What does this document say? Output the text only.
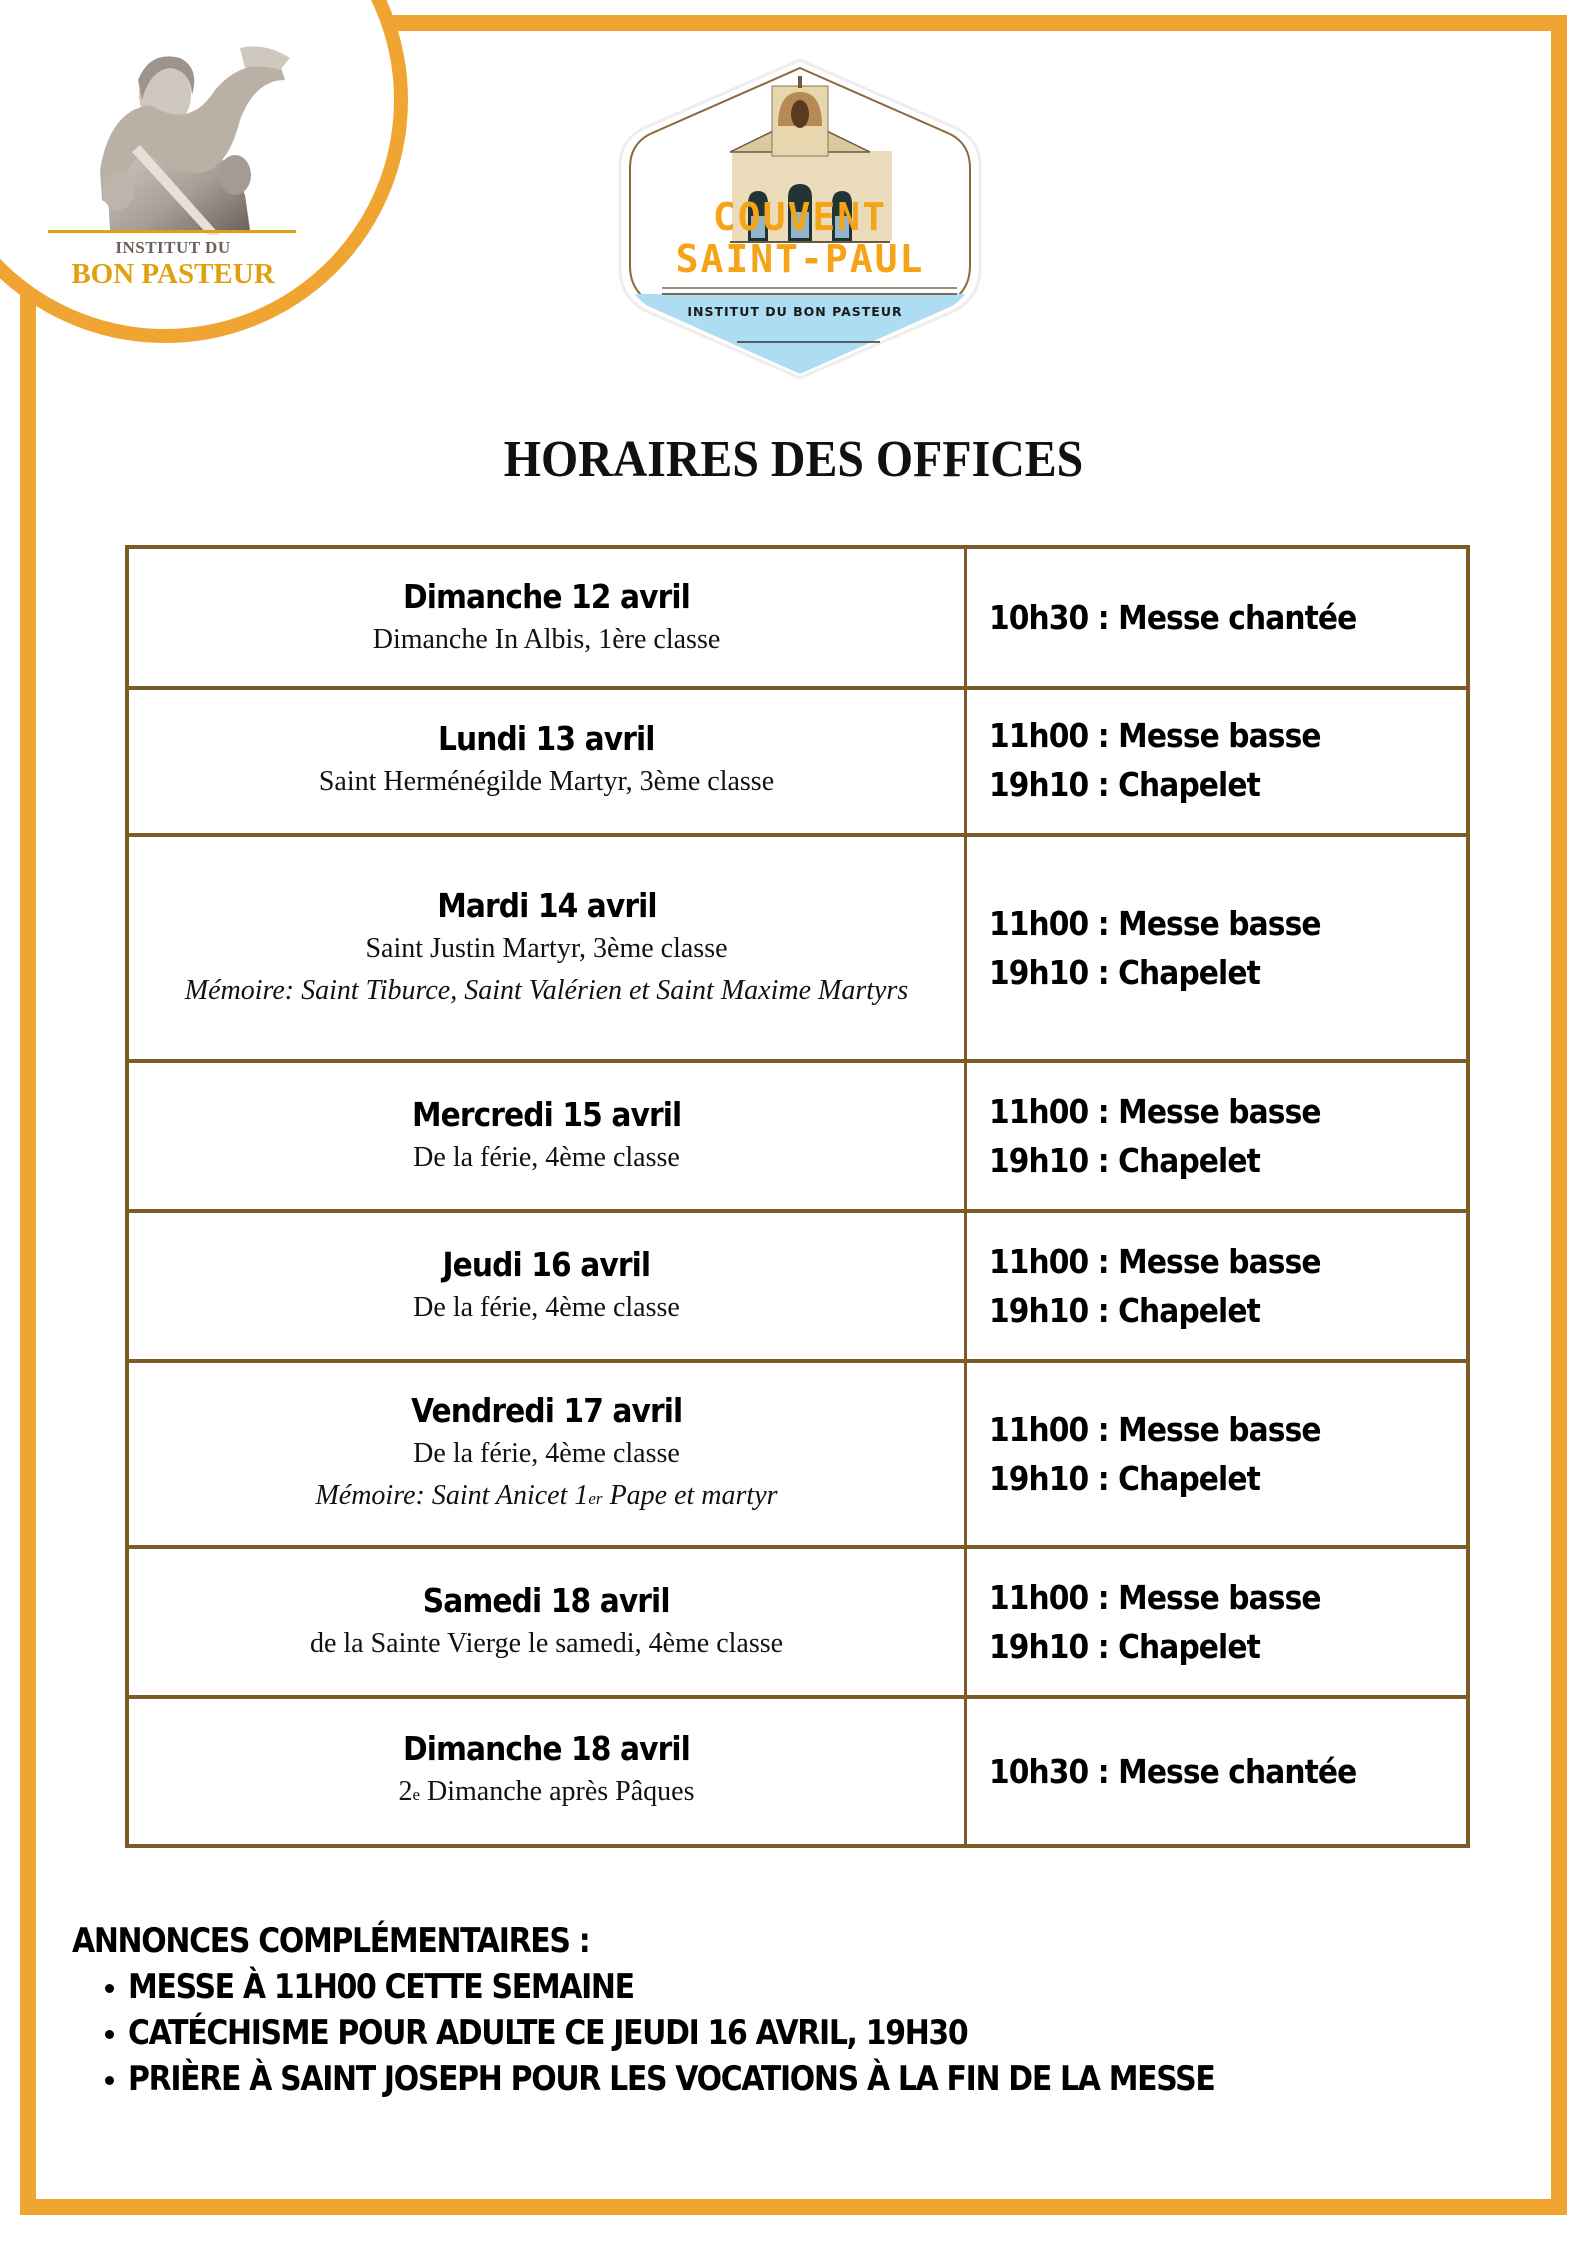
INSTITUT DU
BON PASTEUR
COUVENT
SAINT-PAUL
INSTITUT DU BON PASTEUR
HORAIRES DES OFFICES
Dimanche 12 avril
Dimanche In Albis, 1ère classe
10h30 : Messe chantée
Lundi 13 avril
Saint Herménégilde Martyr, 3ème classe
11h00 : Messe basse
19h10 : Chapelet
Mardi 14 avril
Saint Justin Martyr, 3ème classe
Mémoire: Saint Tiburce, Saint Valérien et Saint Maxime Martyrs
11h00 : Messe basse
19h10 : Chapelet
Mercredi 15 avril
De la férie, 4ème classe
11h00 : Messe basse
19h10 : Chapelet
Jeudi 16 avril
De la férie, 4ème classe
11h00 : Messe basse
19h10 : Chapelet
Vendredi 17 avril
De la férie, 4ème classe
Mémoire: Saint Anicet 1er Pape et martyr
11h00 : Messe basse
19h10 : Chapelet
Samedi 18 avril
de la Sainte Vierge le samedi, 4ème classe
11h00 : Messe basse
19h10 : Chapelet
Dimanche 18 avril
2e Dimanche après Pâques
10h30 : Messe chantée
ANNONCES COMPLÉMENTAIRES :
MESSE À 11H00 CETTE SEMAINE
CATÉCHISME POUR ADULTE CE JEUDI 16 AVRIL, 19H30
PRIÈRE À SAINT JOSEPH POUR LES VOCATIONS À LA FIN DE LA MESSE
